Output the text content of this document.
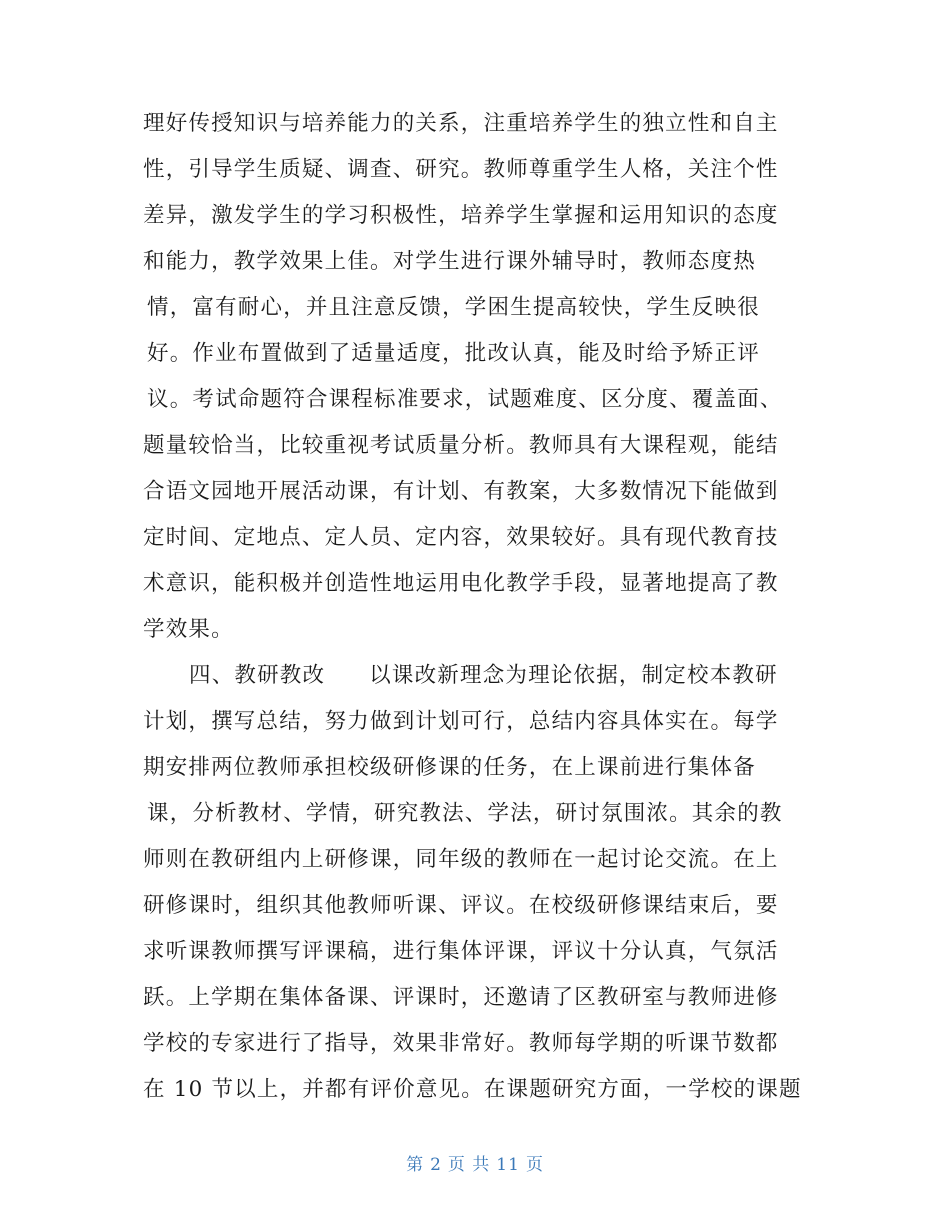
理好传授知识与培养能力的关系，注重培养学生的独立性和自主
性，引导学生质疑、调查、研究。教师尊重学生人格，关注个性
差异，激发学生的学习积极性，培养学生掌握和运用知识的态度
和能力，教学效果上佳。对学生进行课外辅导时，教师态度热
情，富有耐心，并且注意反馈，学困生提高较快，学生反映很
好。作业布置做到了适量适度，批改认真，能及时给予矫正评
议。考试命题符合课程标准要求，试题难度、区分度、覆盖面、
题量较恰当，比较重视考试质量分析。教师具有大课程观，能结
合语文园地开展活动课，有计划、有教案，大多数情况下能做到
定时间、定地点、定人员、定内容，效果较好。具有现代教育技
术意识，能积极并创造性地运用电化教学手段，显著地提高了教
学效果。
四、教研教改 以课改新理念为理论依据，制定校本教研
计划，撰写总结，努力做到计划可行，总结内容具体实在。每学
期安排两位教师承担校级研修课的任务，在上课前进行集体备
课，分析教材、学情，研究教法、学法，研讨氛围浓。其余的教
师则在教研组内上研修课，同年级的教师在一起讨论交流。在上
研修课时，组织其他教师听课、评议。在校级研修课结束后，要
求听课教师撰写评课稿，进行集体评课，评议十分认真，气氛活
跃。上学期在集体备课、评课时，还邀请了区教研室与教师进修
学校的专家进行了指导，效果非常好。教师每学期的听课节数都
在 10 节以上，并都有评价意见。在课题研究方面，一学校的课题
第 2 页 共 11 页
